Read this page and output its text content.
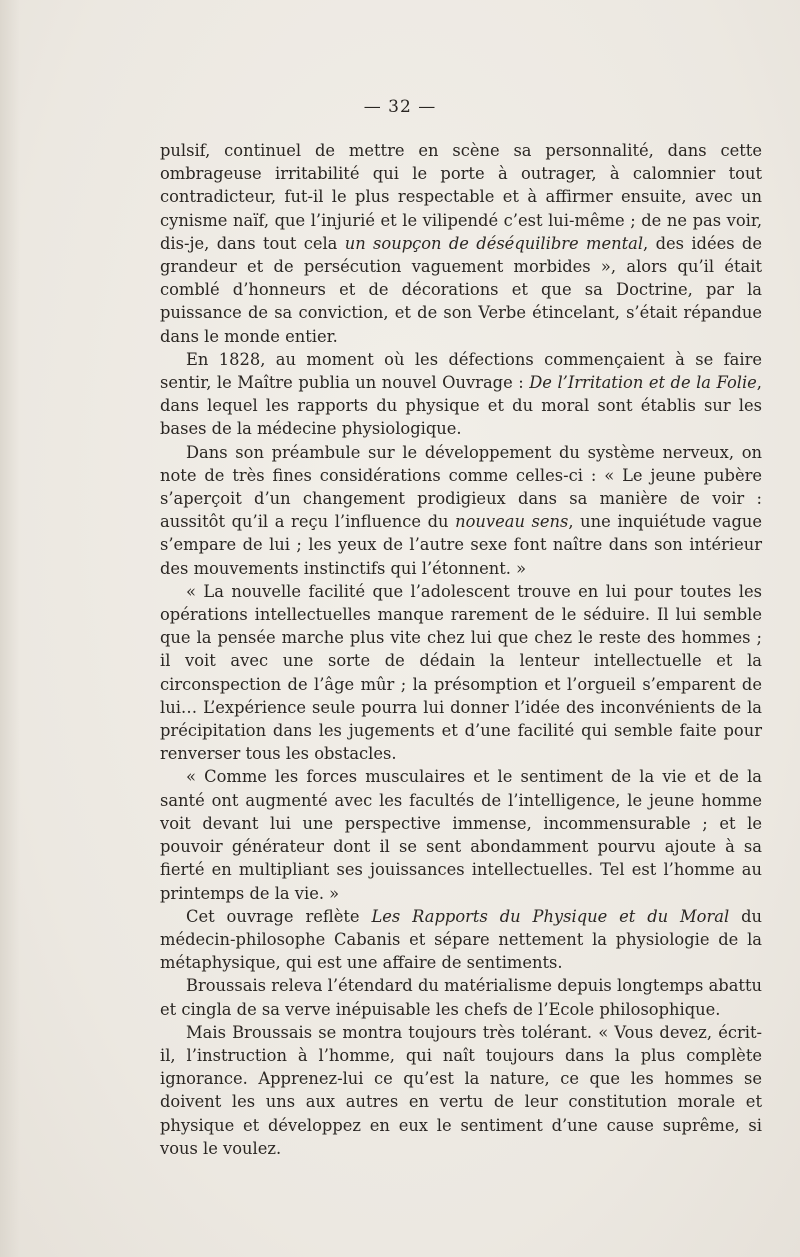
— 32 —

pulsif, continuel de mettre en scène sa personnalité, dans cette ombrageuse irritabilité qui le porte à outrager, à calomnier tout contradicteur, fut-il le plus respectable et à affirmer ensuite, avec un cynisme naïf, que l’injurié et le vilipendé c’est lui-même ; de ne pas voir, dis-je, dans tout cela un soupçon de déséquilibre mental, des idées de grandeur et de persécution vaguement morbides », alors qu’il était comblé d’honneurs et de décorations et que sa Doctrine, par la puissance de sa conviction, et de son Verbe étincelant, s’était répandue dans le monde entier.

En 1828, au moment où les défections commençaient à se faire sentir, le Maître publia un nouvel Ouvrage : De l’Irritation et de la Folie, dans lequel les rapports du physique et du moral sont établis sur les bases de la médecine physiologique.

Dans son préambule sur le développement du système nerveux, on note de très fines considérations comme celles-ci : « Le jeune pubère s’aperçoit d’un changement prodigieux dans sa manière de voir : aussitôt qu’il a reçu l’influence du nouveau sens, une inquiétude vague s’empare de lui ; les yeux de l’autre sexe font naître dans son intérieur des mouvements instinctifs qui l’étonnent. »

« La nouvelle facilité que l’adolescent trouve en lui pour toutes les opérations intellectuelles manque rarement de le séduire. Il lui semble que la pensée marche plus vite chez lui que chez le reste des hommes ; il voit avec une sorte de dédain la lenteur intellectuelle et la circonspection de l’âge mûr ; la présomption et l’orgueil s’emparent de lui… L’expérience seule pourra lui donner l’idée des inconvénients de la précipitation dans les jugements et d’une facilité qui semble faite pour renverser tous les obstacles.

« Comme les forces musculaires et le sentiment de la vie et de la santé ont augmenté avec les facultés de l’intelligence, le jeune homme voit devant lui une perspective immense, incommensurable ; et le pouvoir générateur dont il se sent abondamment pourvu ajoute à sa fierté en multipliant ses jouissances intellectuelles. Tel est l’homme au printemps de la vie. »

Cet ouvrage reflète Les Rapports du Physique et du Moral du médecin-philosophe Cabanis et sépare nettement la physiologie de la métaphysique, qui est une affaire de sentiments.

Broussais releva l’étendard du matérialisme depuis longtemps abattu et cingla de sa verve inépuisable les chefs de l’Ecole philosophique.

Mais Broussais se montra toujours très tolérant. « Vous devez, écrit-il, l’instruction à l’homme, qui naît toujours dans la plus complète ignorance. Apprenez-lui ce qu’est la nature, ce que les hommes se doivent les uns aux autres en vertu de leur constitution morale et physique et développez en eux le sentiment d’une cause suprême, si vous le voulez.
